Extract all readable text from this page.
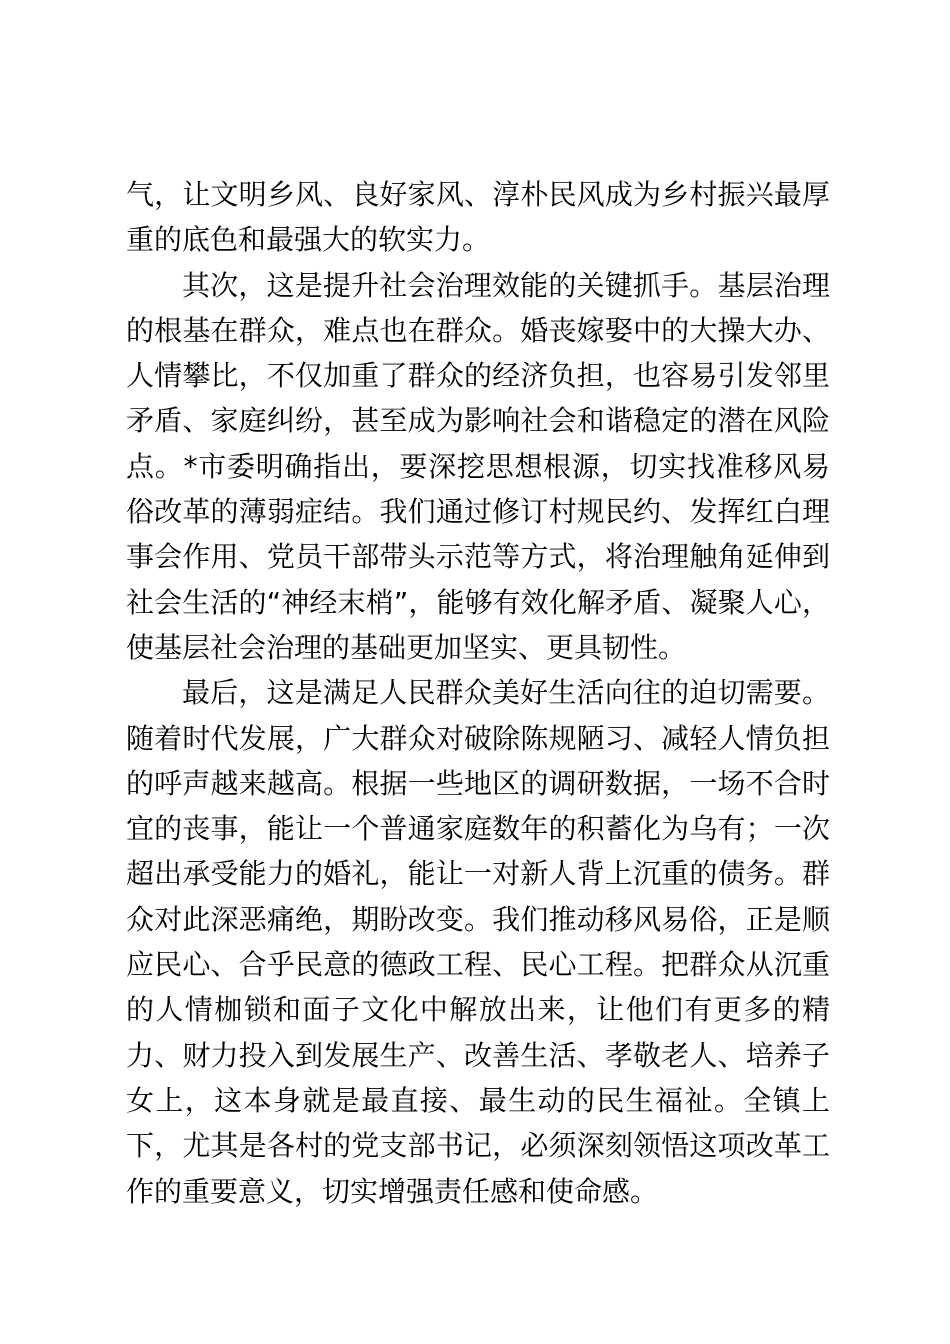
气，让文明乡风、良好家风、淳朴民风成为乡村振兴最厚重的底色和最强大的软实力。

其次，这是提升社会治理效能的关键抓手。基层治理的根基在群众，难点也在群众。婚丧嫁娶中的大操大办、人情攀比，不仅加重了群众的经济负担，也容易引发邻里矛盾、家庭纠纷，甚至成为影响社会和谐稳定的潜在风险点。*市委明确指出，要深挖思想根源，切实找准移风易俗改革的薄弱症结。我们通过修订村规民约、发挥红白理事会作用、党员干部带头示范等方式，将治理触角延伸到社会生活的“神经末梢”，能够有效化解矛盾、凝聚人心，使基层社会治理的基础更加坚实、更具韧性。

最后，这是满足人民群众美好生活向往的迫切需要。随着时代发展，广大群众对破除陈规陋习、减轻人情负担的呼声越来越高。根据一些地区的调研数据，一场不合时宜的丧事，能让一个普通家庭数年的积蓄化为乌有；一次超出承受能力的婚礼，能让一对新人背上沉重的债务。群众对此深恶痛绝，期盼改变。我们推动移风易俗，正是顺应民心、合乎民意的德政工程、民心工程。把群众从沉重的人情枷锁和面子文化中解放出来，让他们有更多的精力、财力投入到发展生产、改善生活、孝敬老人、培养子女上，这本身就是最直接、最生动的民生福祉。全镇上下，尤其是各村的党支部书记，必须深刻领悟这项改革工作的重要意义，切实增强责任感和使命感。
